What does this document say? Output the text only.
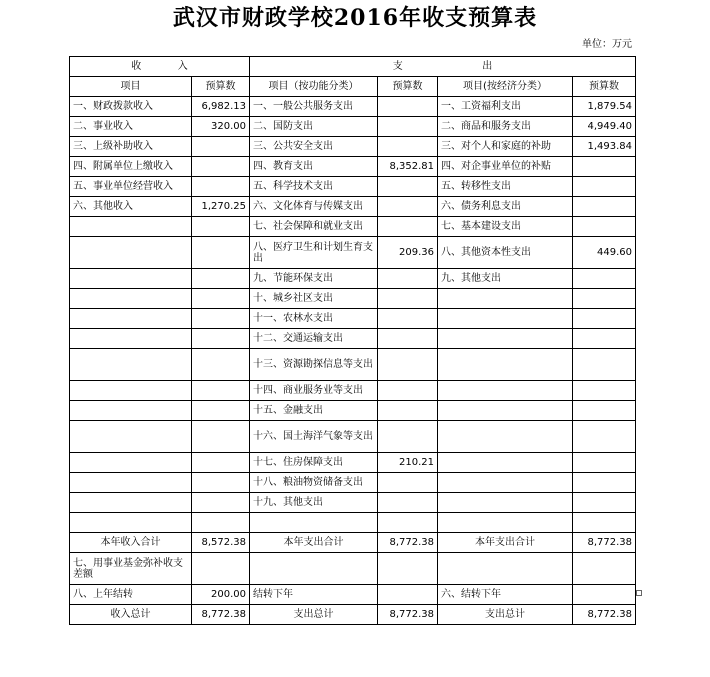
武汉市财政学校2016年收支预算表
单位：万元
收 入		支 出			

项目	预算数	项目（按功能分类）	预算数	项目(按经济分类）	预算数
一、财政拨款收入	6,982.13	一、一般公共服务支出		一、工资福利支出	1,879.54
二、事业收入	320.00	二、国防支出		二、商品和服务支出	4,949.40
三、上级补助收入		三、公共安全支出		三、对个人和家庭的补助	1,493.84
四、附属单位上缴收入		四、教育支出	8,352.81	四、对企事业单位的补贴	
五、事业单位经营收入		五、科学技术支出		五、转移性支出	
六、其他收入	1,270.25	六、文化体育与传媒支出		六、债务利息支出	
		七、社会保障和就业支出		七、基本建设支出	
		八、医疗卫生和计划生育支出	209.36	八、其他资本性支出	449.60
		九、节能环保支出		九、其他支出	
		十、城乡社区支出			
		十一、农林水支出			
		十二、交通运输支出			
		十三、资源勘探信息等支出			
		十四、商业服务业等支出			
		十五、金融支出			
		十六、国土海洋气象等支出			
		十七、住房保障支出	210.21		
		十八、粮油物资储备支出			
		十九、其他支出			

本年收入合计	8,572.38	本年支出合计	8,772.38	本年支出合计	8,772.38
七、用事业基金弥补收支差额					
八、上年结转	200.00	结转下年		六、结转下年	
收入总计	8,772.38	支出总计	8,772.38	支出总计	8,772.38
